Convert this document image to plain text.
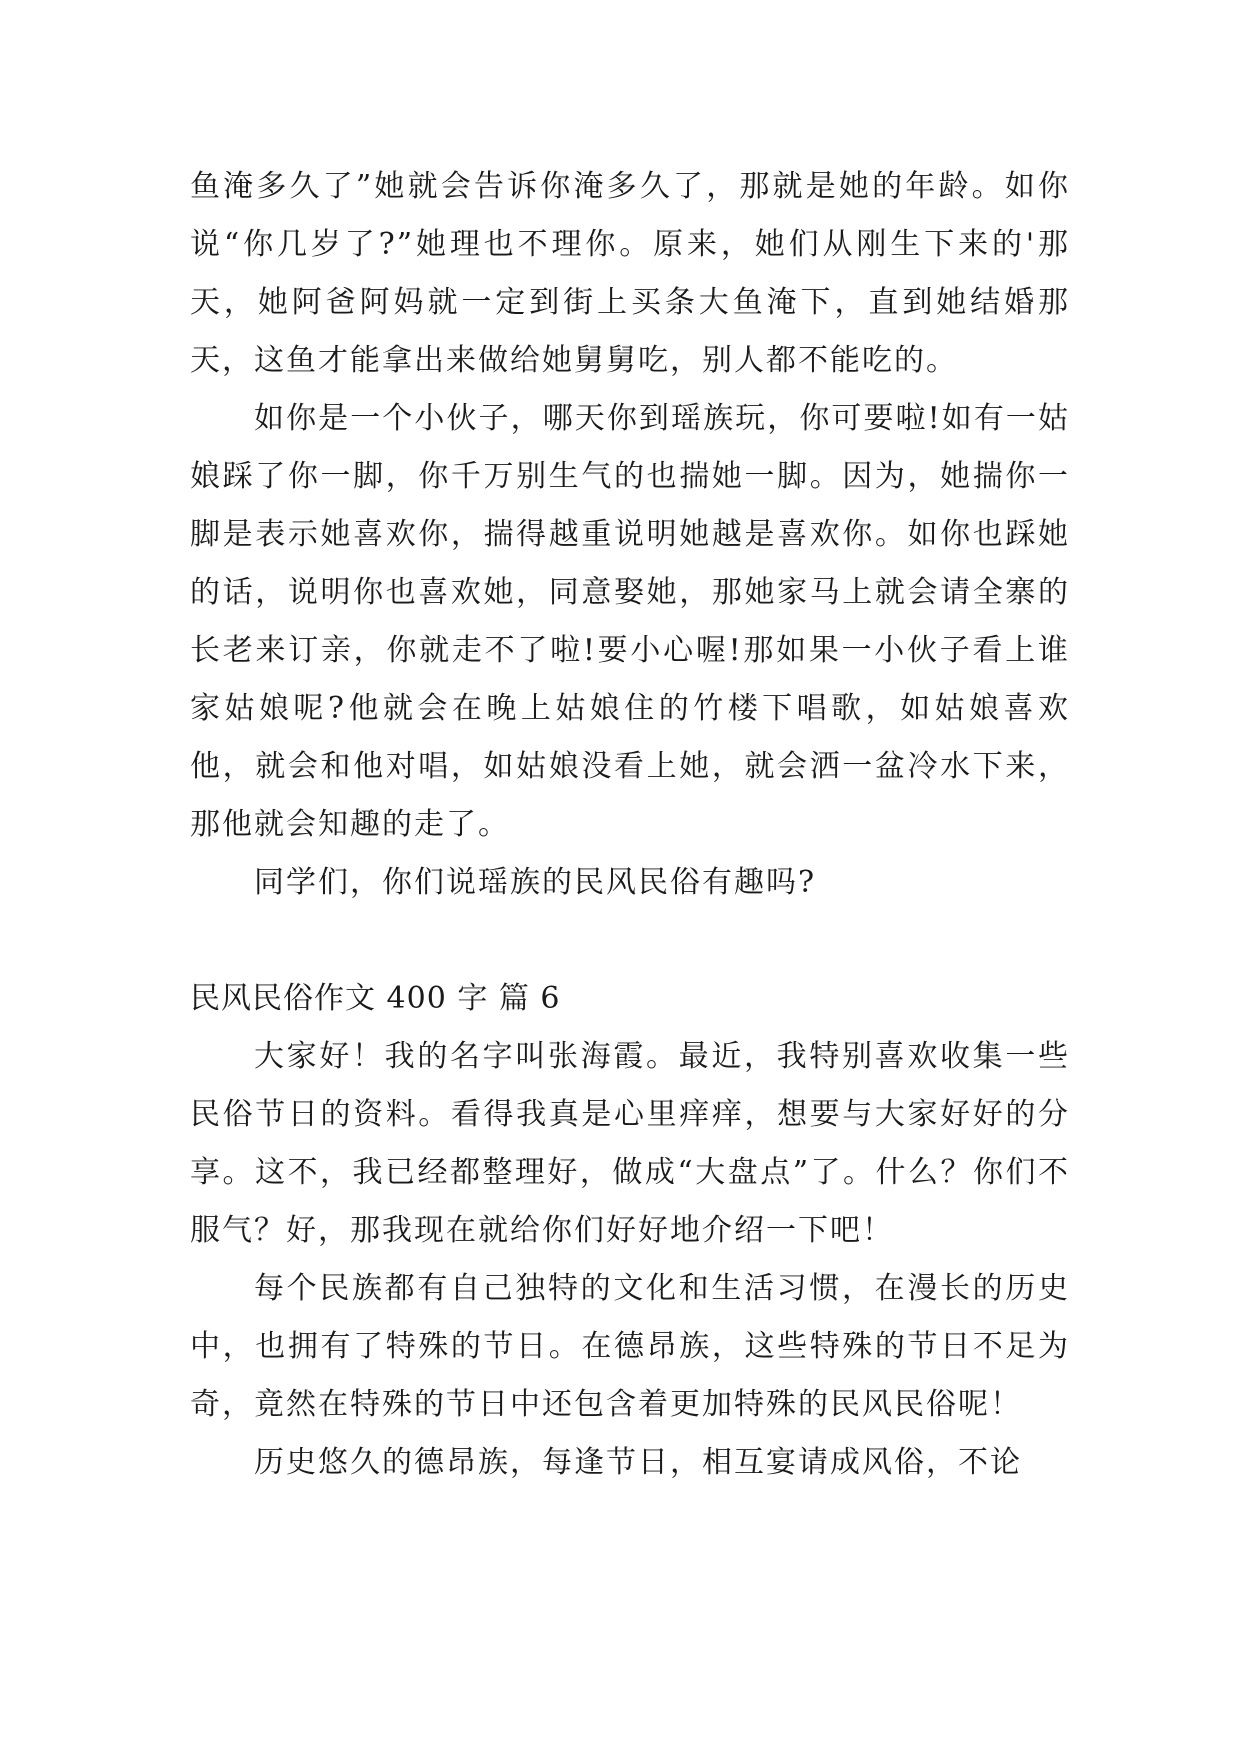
鱼淹多久了”她就会告诉你淹多久了，那就是她的年龄。如你说“你几岁了?”她理也不理你。原来，她们从刚生下来的'那天，她阿爸阿妈就一定到街上买条大鱼淹下，直到她结婚那天，这鱼才能拿出来做给她舅舅吃，别人都不能吃的。

如你是一个小伙子，哪天你到瑶族玩，你可要啦!如有一姑娘踩了你一脚，你千万别生气的也揣她一脚。因为，她揣你一脚是表示她喜欢你，揣得越重说明她越是喜欢你。如你也踩她的话，说明你也喜欢她，同意娶她，那她家马上就会请全寨的长老来订亲，你就走不了啦!要小心喔!那如果一小伙子看上谁家姑娘呢?他就会在晚上姑娘住的竹楼下唱歌，如姑娘喜欢他，就会和他对唱，如姑娘没看上她，就会洒一盆冷水下来，那他就会知趣的走了。

同学们，你们说瑶族的民风民俗有趣吗?

民风民俗作文 400 字 篇 6

大家好！我的名字叫张海霞。最近，我特别喜欢收集一些民俗节日的资料。看得我真是心里痒痒，想要与大家好好的分享。这不，我已经都整理好，做成“大盘点”了。什么？你们不服气？好，那我现在就给你们好好地介绍一下吧！

每个民族都有自己独特的文化和生活习惯，在漫长的历史中，也拥有了特殊的节日。在德昂族，这些特殊的节日不足为奇，竟然在特殊的节日中还包含着更加特殊的民风民俗呢！

历史悠久的德昂族，每逢节日，相互宴请成风俗，不论
